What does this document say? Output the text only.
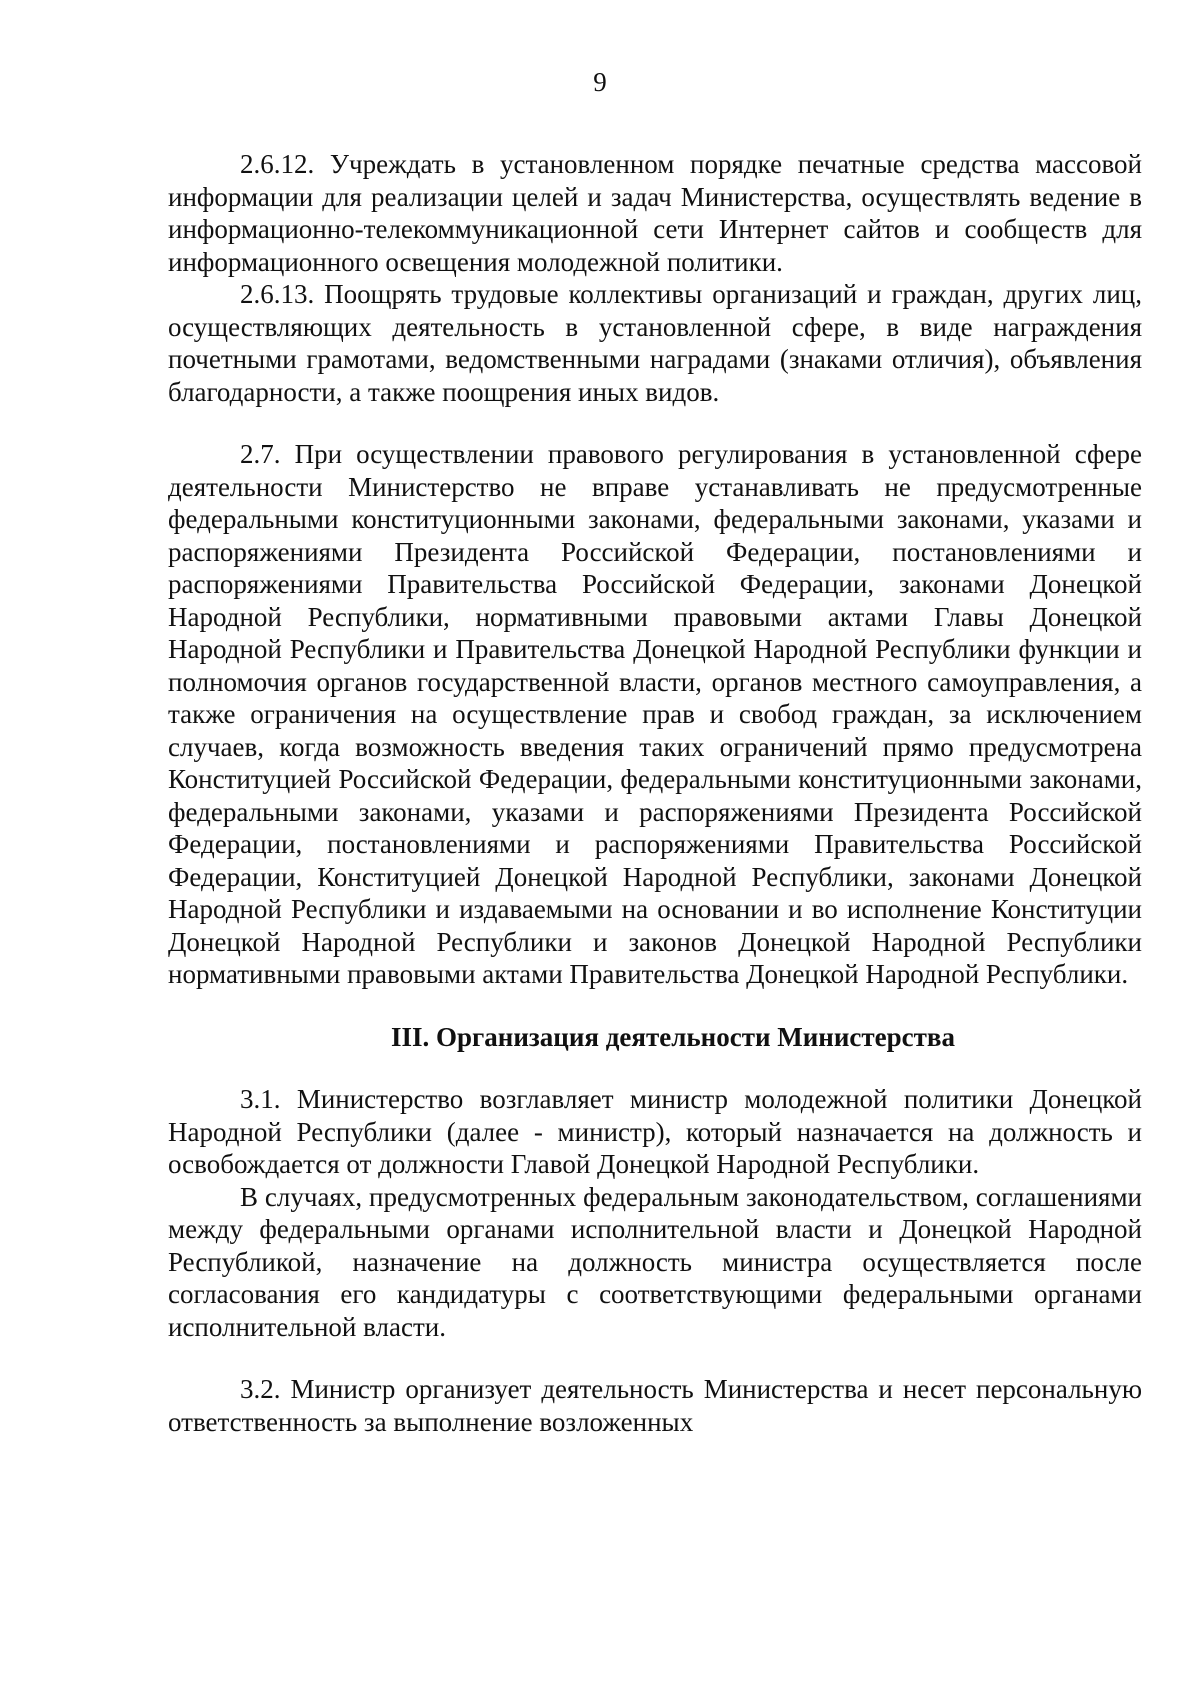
9

2.6.12. Учреждать в установленном порядке печатные средства массовой информации для реализации целей и задач Министерства, осуществлять ведение в информационно-телекоммуникационной сети Интернет сайтов и сообществ для информационного освещения молодежной политики.

2.6.13. Поощрять трудовые коллективы организаций и граждан, других лиц, осуществляющих деятельность в установленной сфере, в виде награждения почетными грамотами, ведомственными наградами (знаками отличия), объявления благодарности, а также поощрения иных видов.

2.7. При осуществлении правового регулирования в установленной сфере деятельности Министерство не вправе устанавливать не предусмотренные федеральными конституционными законами, федеральными законами, указами и распоряжениями Президента Российской Федерации, постановлениями и распоряжениями Правительства Российской Федерации, законами Донецкой Народной Республики, нормативными правовыми актами Главы Донецкой Народной Республики и Правительства Донецкой Народной Республики функции и полномочия органов государственной власти, органов местного самоуправления, а также ограничения на осуществление прав и свобод граждан, за исключением случаев, когда возможность введения таких ограничений прямо предусмотрена Конституцией Российской Федерации, федеральными конституционными законами, федеральными законами, указами и распоряжениями Президента Российской Федерации, постановлениями и распоряжениями Правительства Российской Федерации, Конституцией Донецкой Народной Республики, законами Донецкой Народной Республики и издаваемыми на основании и во исполнение Конституции Донецкой Народной Республики и законов Донецкой Народной Республики нормативными правовыми актами Правительства Донецкой Народной Республики.

III. Организация деятельности Министерства

3.1. Министерство возглавляет министр молодежной политики Донецкой Народной Республики (далее - министр), который назначается на должность и освобождается от должности Главой Донецкой Народной Республики.

В случаях, предусмотренных федеральным законодательством, соглашениями между федеральными органами исполнительной власти и Донецкой Народной Республикой, назначение на должность министра осуществляется после согласования его кандидатуры с соответствующими федеральными органами исполнительной власти.

3.2. Министр организует деятельность Министерства и несет персональную ответственность за выполнение возложенных
